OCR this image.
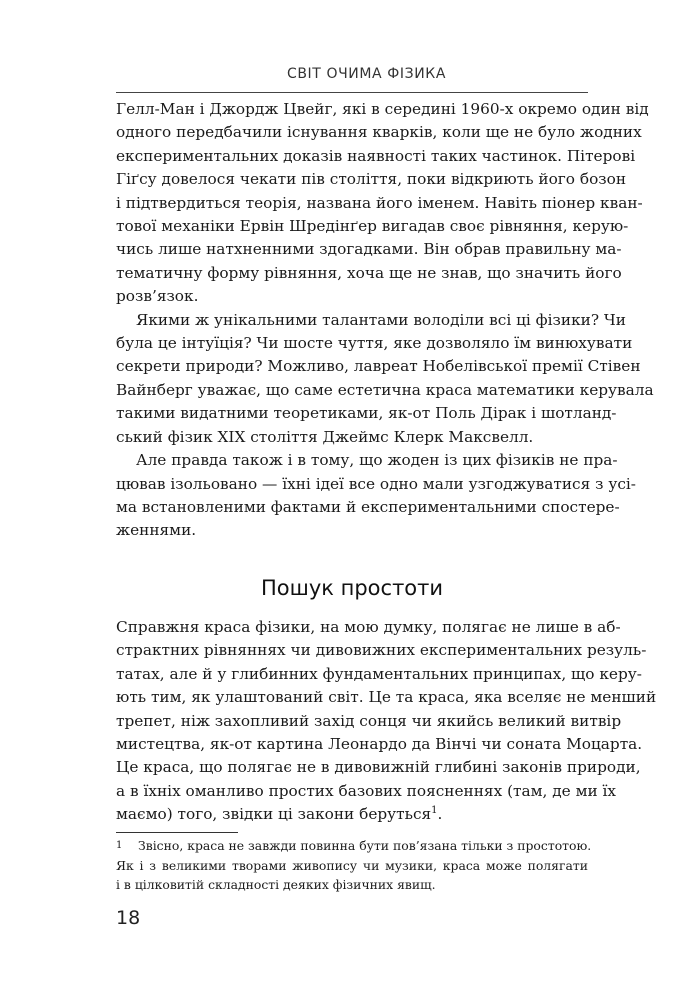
СВІТ ОЧИМА ФІЗИКА
Гелл-Ман і Джордж Цвейг, які в середині 1960-х окремо один від
одного передбачили існування кварків, коли ще не було жодних
експериментальних доказів наявності таких частинок. Пітерові
Гіґсу довелося чекати пів століття, поки відкриють його бозон
і підтвердиться теорія, названа його іменем. Навіть піонер кван-
тової механіки Ервін Шредінґер вигадав своє рівняння, керую-
чись лише натхненними здогадками. Він обрав правильну ма-
тематичну форму рівняння, хоча ще не знав, що значить його
розв’язок.
Якими ж унікальними талантами володіли всі ці фізики? Чи
була це інтуїція? Чи шосте чуття, яке дозволяло їм винюхувати
секрети природи? Можливо, лавреат Нобелівської премії Стівен
Вайнберг уважає, що саме естетична краса математики керувала
такими видатними теоретиками, як-от Поль Дірак і шотланд-
ський фізик XIX століття Джеймс Клерк Максвелл.
Але правда також і в тому, що жоден із цих фізиків не пра-
цював ізольовано — їхні ідеї все одно мали узгоджуватися з усі-
ма встановленими фактами й експериментальними спостере-
женнями.
Пошук простоти
Справжня краса фізики, на мою думку, полягає не лише в аб-
страктних рівняннях чи дивовижних експериментальних резуль-
татах, але й у глибинних фундаментальних принципах, що керу-
ють тим, як улаштований світ. Це та краса, яка вселяє не менший
трепет, ніж захопливий захід сонця чи якийсь великий витвір
мистецтва, як-от картина Леонардо да Вінчі чи соната Моцарта.
Це краса, що полягає не в дивовижній глибині законів природи,
а в їхніх оманливо простих базових поясненнях (там, де ми їх
маємо) того, звідки ці закони беруться$^1$.
1	Звісно, краса не завжди повинна бути пов’язана тільки з простотою.
Як і з великими творами живопису чи музики, краса може полягати
і в цілковитій складності деяких фізичних явищ.
18
